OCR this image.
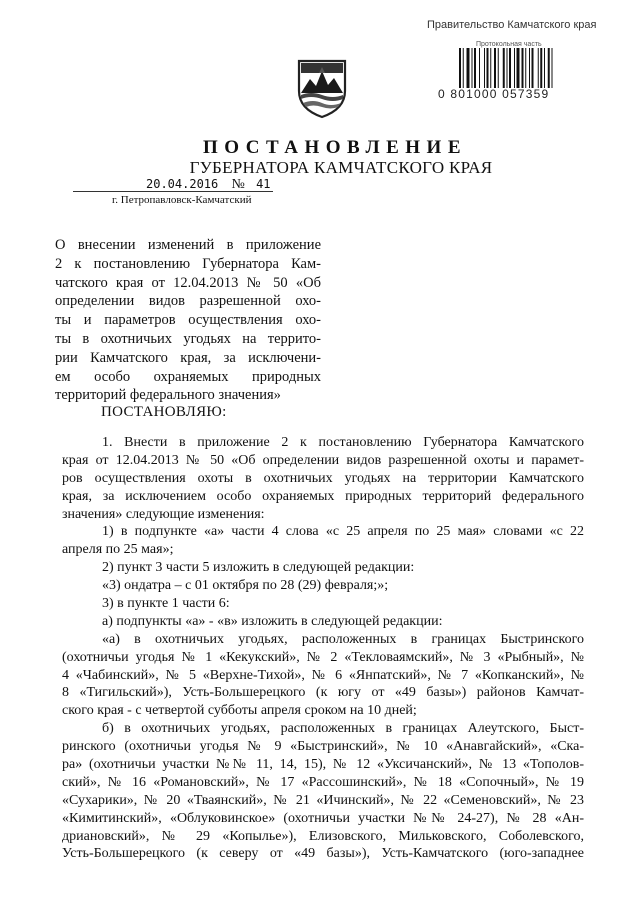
Правительство Камчатского края
Протокольная часть
0 801000 057359
ПОСТАНОВЛЕНИЕ
ГУБЕРНАТОРА КАМЧАТСКОГО КРАЯ
20.04.2016 № 41
г. Петропавловск-Камчатский
О внесении изменений в приложение
2 к постановлению Губернатора Кам-
чатского края от 12.04.2013 № 50 «Об
определении видов разрешенной охо-
ты и параметров осуществления охо-
ты в охотничьих угодьях на террито-
рии Камчатского края, за исключени-
ем особо охраняемых природных
территорий федерального значения»
ПОСТАНОВЛЯЮ:
1. Внести в приложение 2 к постановлению Губернатора Камчатского
края от 12.04.2013 № 50 «Об определении видов разрешенной охоты и парамет-
ров осуществления охоты в охотничьих угодьях на территории Камчатского
края, за исключением особо охраняемых природных территорий федерального
значения» следующие изменения:
1) в подпункте «а» части 4 слова «с 25 апреля по 25 мая» словами «с 22
апреля по 25 мая»;
2) пункт 3 части 5 изложить в следующей редакции:
«3) ондатра – с 01 октября по 28 (29) февраля;»;
3) в пункте 1 части 6:
а) подпункты «а» - «в» изложить в следующей редакции:
«а) в охотничьих угодьях, расположенных в границах Быстринского
(охотничьи угодья № 1 «Кекукский», № 2 «Текловаямский», № 3 «Рыбный», №
4 «Чабинский», № 5 «Верхне-Тихой», № 6 «Янпатский», № 7 «Копканский», №
8 «Тигильский»), Усть-Большерецкого (к югу от «49 базы») районов Камчат-
ского края - с четвертой субботы апреля сроком на 10 дней;
б) в охотничьих угодьях, расположенных в границах Алеутского, Быст-
ринского (охотничьи угодья № 9 «Быстринский», № 10 «Анавгайский», «Ска-
ра» (охотничьи участки №№ 11, 14, 15), № 12 «Уксичанский», № 13 «Тополов-
ский», № 16 «Романовский», № 17 «Рассошинский», № 18 «Сопочный», № 19
«Сухарики», № 20 «Тваянский», № 21 «Ичинский», № 22 «Семеновский», № 23
«Кимитинский», «Облуковинское» (охотничьи участки №№ 24-27), № 28 «Ан-
дриановский», № 29 «Копылье»), Елизовского, Мильковского, Соболевского,
Усть-Большерецкого (к северу от «49 базы»), Усть-Камчатского (юго-западнее
